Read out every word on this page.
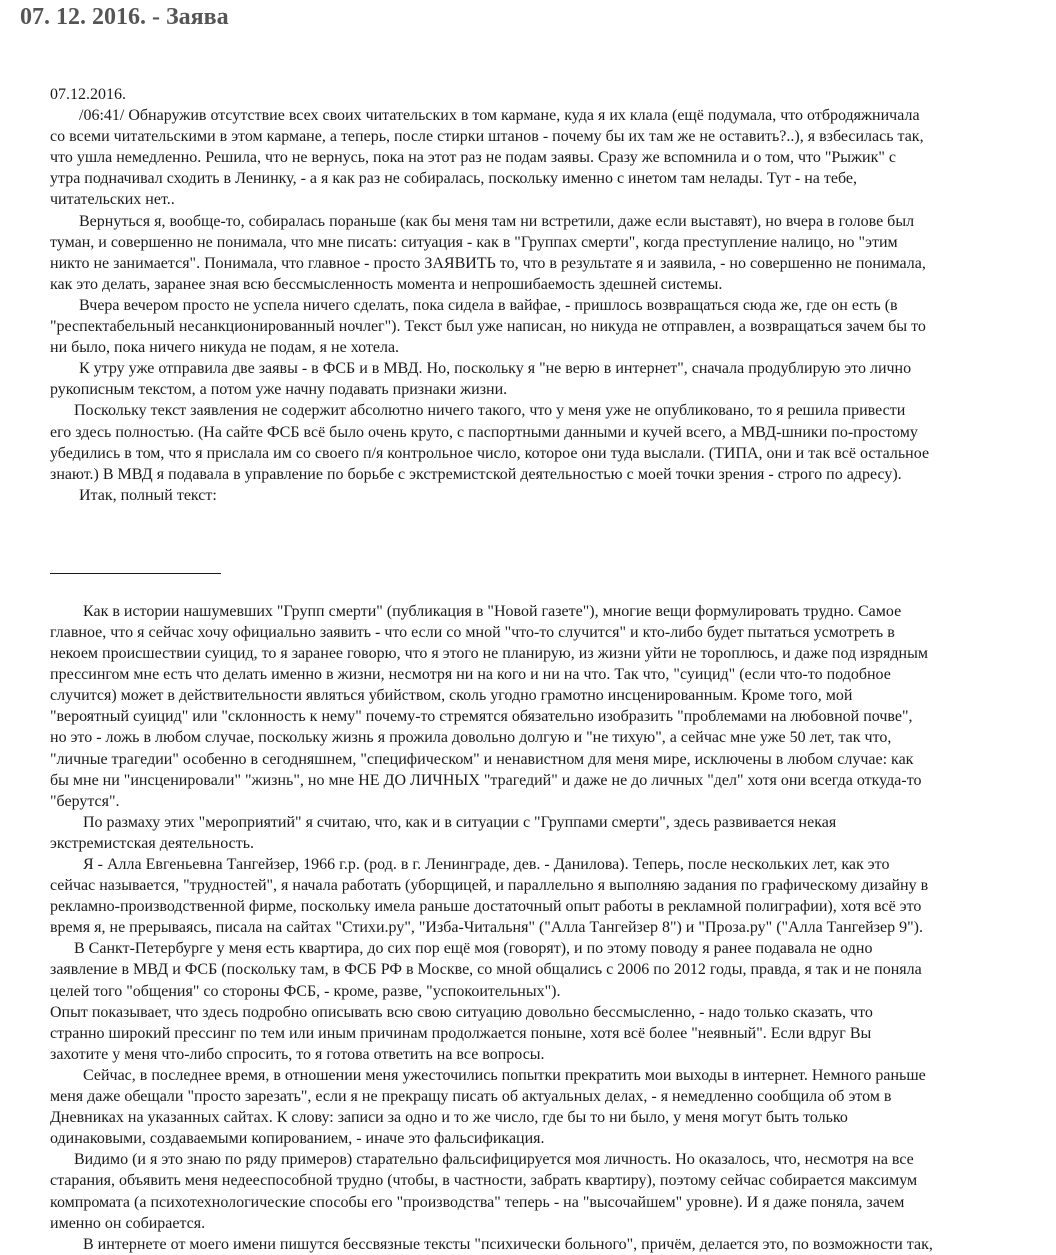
07. 12. 2016. - Заява
07.12.2016.
/06:41/ Обнаружив отсутствие всех своих читательских в том кармане, куда я их клала (ещё подумала, что отбродяжничала
со всеми читательскими в этом кармане, а теперь, после стирки штанов - почему бы их там же не оставить?..), я взбесилась так,
что ушла немедленно. Решила, что не вернусь, пока на этот раз не подам заявы. Сразу же вспомнила и о том, что "Рыжик" с
утра подначивал сходить в Ленинку, - а я как раз не собиралась, поскольку именно с инетом там нелады. Тут - на тебе,
читательских нет..
Вернуться я, вообще-то, собиралась пораньше (как бы меня там ни встретили, даже если выставят), но вчера в голове был
туман, и совершенно не понимала, что мне писать: ситуация - как в "Группах смерти", когда преступление налицо, но "этим
никто не занимается". Понимала, что главное - просто ЗАЯВИТЬ то, что в результате я и заявила, - но совершенно не понимала,
как это делать, заранее зная всю бессмысленность момента и непрошибаемость здешней системы.
Вчера вечером просто не успела ничего сделать, пока сидела в вайфае, - пришлось возвращаться сюда же, где он есть (в
"респектабельный несанкционированный ночлег"). Текст был уже написан, но никуда не отправлен, а возвращаться зачем бы то
ни было, пока ничего никуда не подам, я не хотела.
К утру уже отправила две заявы - в ФСБ и в МВД. Но, поскольку я "не верю в интернет", сначала продублирую это лично
рукописным текстом, а потом уже начну подавать признаки жизни.
Поскольку текст заявления не содержит абсолютно ничего такого, что у меня уже не опубликовано, то я решила привести
его здесь полностью. (На сайте ФСБ всё было очень круто, с паспортными данными и кучей всего, а МВД-шники по-простому
убедились в том, что я прислала им со своего п/я контрольное число, которое они туда выслали. (ТИПА, они и так всё остальное
знают.) В МВД я подавала в управление по борьбе с экстремистской деятельностью с моей точки зрения - строго по адресу).
Итак, полный текст:
Как в истории нашумевших "Групп смерти" (публикация в "Новой газете"), многие вещи формулировать трудно. Самое
главное, что я сейчас хочу официально заявить - что если со мной "что-то случится" и кто-либо будет пытаться усмотреть в
некоем происшествии суицид, то я заранее говорю, что я этого не планирую, из жизни уйти не тороплюсь, и даже под изрядным
прессингом мне есть что делать именно в жизни, несмотря ни на кого и ни на что. Так что, "суицид" (если что-то подобное
случится) может в действительности являться убийством, сколь угодно грамотно инсценированным. Кроме того, мой
"вероятный суицид" или "склонность к нему" почему-то стремятся обязательно изобразить "проблемами на любовной почве",
но это - ложь в любом случае, поскольку жизнь я прожила довольно долгую и "не тихую", а сейчас мне уже 50 лет, так что,
"личные трагедии" особенно в сегодняшнем, "специфическом" и ненавистном для меня мире, исключены в любом случае: как
бы мне ни "инсценировали" "жизнь", но мне НЕ ДО ЛИЧНЫХ "трагедий" и даже не до личных "дел" хотя они всегда откуда-то
"берутся".
По размаху этих "мероприятий" я считаю, что, как и в ситуации с "Группами смерти", здесь развивается некая
экстремистская деятельность.
Я - Алла Евгеньевна Тангейзер, 1966 г.р. (род. в г. Ленинграде, дев. - Данилова). Теперь, после нескольких лет, как это
сейчас называется, "трудностей", я начала работать (уборщицей, и параллельно я выполняю задания по графическому дизайну в
рекламно-производственной фирме, поскольку имела раньше достаточный опыт работы в рекламной полиграфии), хотя всё это
время я, не прерываясь, писала на сайтах "Стихи.ру", "Изба-Читальня" ("Алла Тангейзер 8") и "Проза.ру" ("Алла Тангейзер 9").
В Санкт-Петербурге у меня есть квартира, до сих пор ещё моя (говорят), и по этому поводу я ранее подавала не одно
заявление в МВД и ФСБ (поскольку там, в ФСБ РФ в Москве, со мной общались с 2006 по 2012 годы, правда, я так и не поняла
целей того "общения" со стороны ФСБ, - кроме, разве, "успокоительных").
Опыт показывает, что здесь подробно описывать всю свою ситуацию довольно бессмысленно, - надо только сказать, что
странно широкий прессинг по тем или иным причинам продолжается поныне, хотя всё более "неявный". Если вдруг Вы
захотите у меня что-либо спросить, то я готова ответить на все вопросы.
Сейчас, в последнее время, в отношении меня ужесточились попытки прекратить мои выходы в интернет. Немного раньше
меня даже обещали "просто зарезать", если я не прекращу писать об актуальных делах, - я немедленно сообщила об этом в
Дневниках на указанных сайтах. К слову: записи за одно и то же число, где бы то ни было, у меня могут быть только
одинаковыми, создаваемыми копированием, - иначе это фальсификация.
Видимо (и я это знаю по ряду примеров) старательно фальсифицируется моя личность. Но оказалось, что, несмотря на все
старания, объявить меня недееспособной трудно (чтобы, в частности, забрать квартиру), поэтому сейчас собирается максимум
компромата (а психотехнологические способы его "производства" теперь - на "высочайшем" уровне). И я даже поняла, зачем
именно он собирается.
В интернете от моего имени пишутся бессвязные тексты "психически больного", причём, делается это, по возможности так,
